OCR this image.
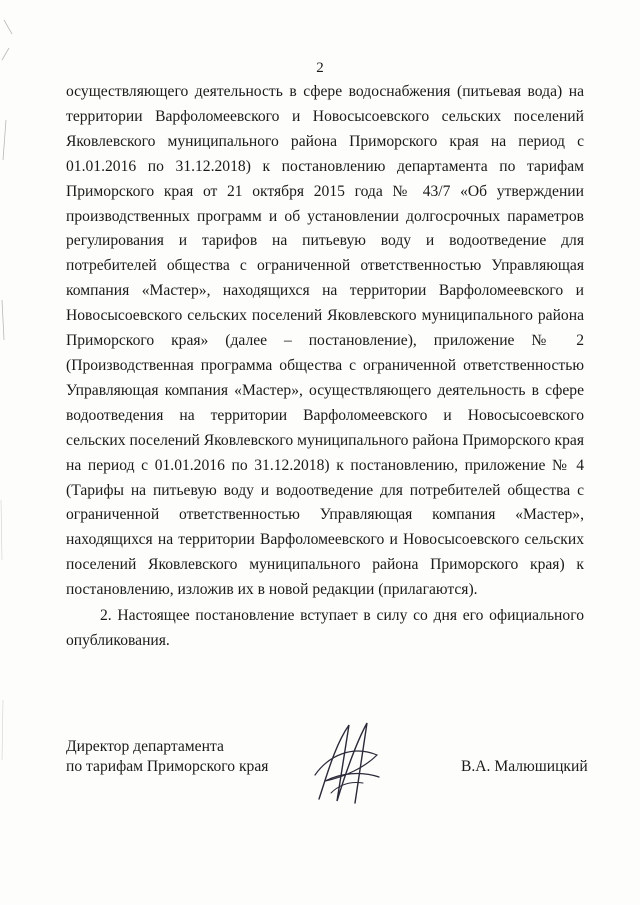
2

осуществляющего деятельность в сфере водоснабжения (питьевая вода) на территории Варфоломеевского и Новосысоевского сельских поселений Яковлевского муниципального района Приморского края на период с 01.01.2016 по 31.12.2018) к постановлению департамента по тарифам Приморского края от 21 октября 2015 года № 43/7 «Об утверждении производственных программ и об установлении долгосрочных параметров регулирования и тарифов на питьевую воду и водоотведение для потребителей общества с ограниченной ответственностью Управляющая компания «Мастер», находящихся на территории Варфоломеевского и Новосысоевского сельских поселений Яковлевского муниципального района Приморского края» (далее – постановление), приложение № 2 (Производственная программа общества с ограниченной ответственностью Управляющая компания «Мастер», осуществляющего деятельность в сфере водоотведения на территории Варфоломеевского и Новосысоевского сельских поселений Яковлевского муниципального района Приморского края на период с 01.01.2016 по 31.12.2018) к постановлению, приложение № 4 (Тарифы на питьевую воду и водоотведение для потребителей общества с ограниченной ответственностью Управляющая компания «Мастер», находящихся на территории Варфоломеевского и Новосысоевского сельских поселений Яковлевского муниципального района Приморского края) к постановлению, изложив их в новой редакции (прилагаются).

2. Настоящее постановление вступает в силу со дня его официального опубликования.

Директор департамента
по тарифам Приморского края	В.А. Малюшицкий
